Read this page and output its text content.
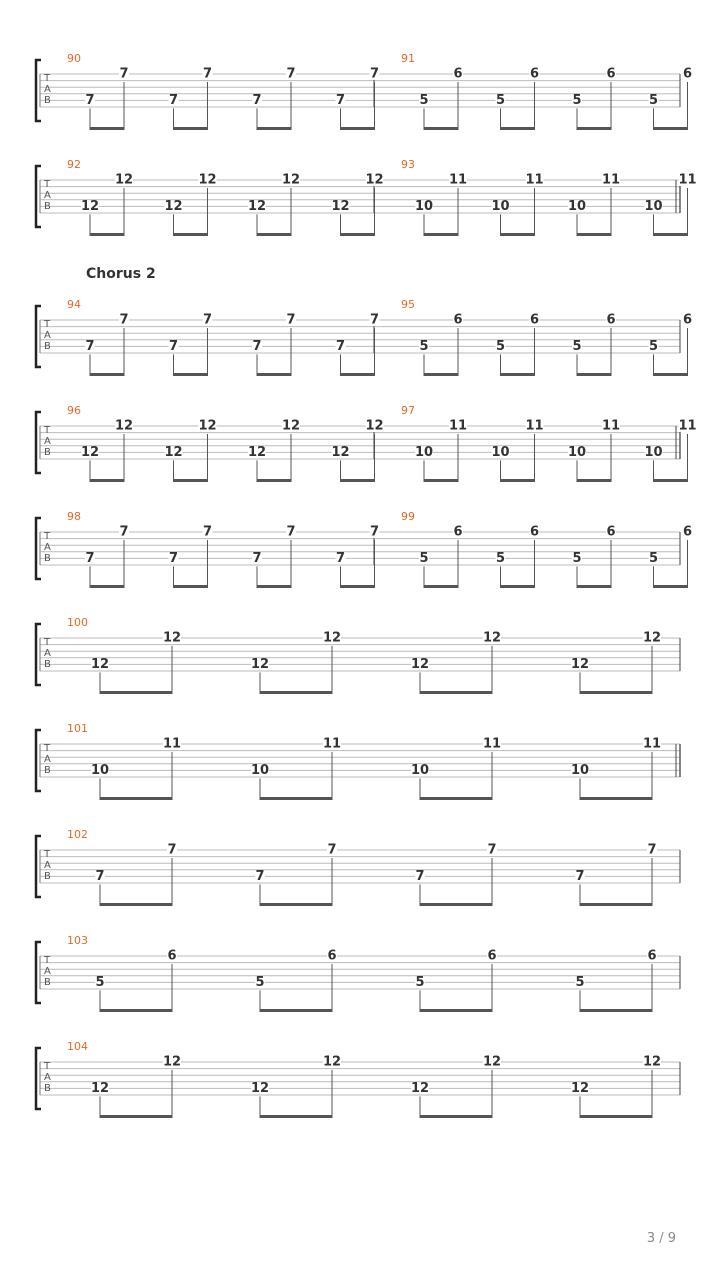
T
A
B
90
7
7
7
7
7
7
7
7
91
5
6
5
6
5
6
5
6
T
A
B
92
12
12
12
12
12
12
12
12
93
10
11
10
11
10
11
10
11
T
A
B
94
7
7
7
7
7
7
7
7
95
5
6
5
6
5
6
5
6
T
A
B
96
12
12
12
12
12
12
12
12
97
10
11
10
11
10
11
10
11
T
A
B
98
7
7
7
7
7
7
7
7
99
5
6
5
6
5
6
5
6
T
A
B
100
12
12
12
12
12
12
12
12
T
A
B
101
10
11
10
11
10
11
10
11
T
A
B
102
7
7
7
7
7
7
7
7
T
A
B
103
5
6
5
6
5
6
5
6
T
A
B
104
12
12
12
12
12
12
12
12
Chorus 2
3 / 9
